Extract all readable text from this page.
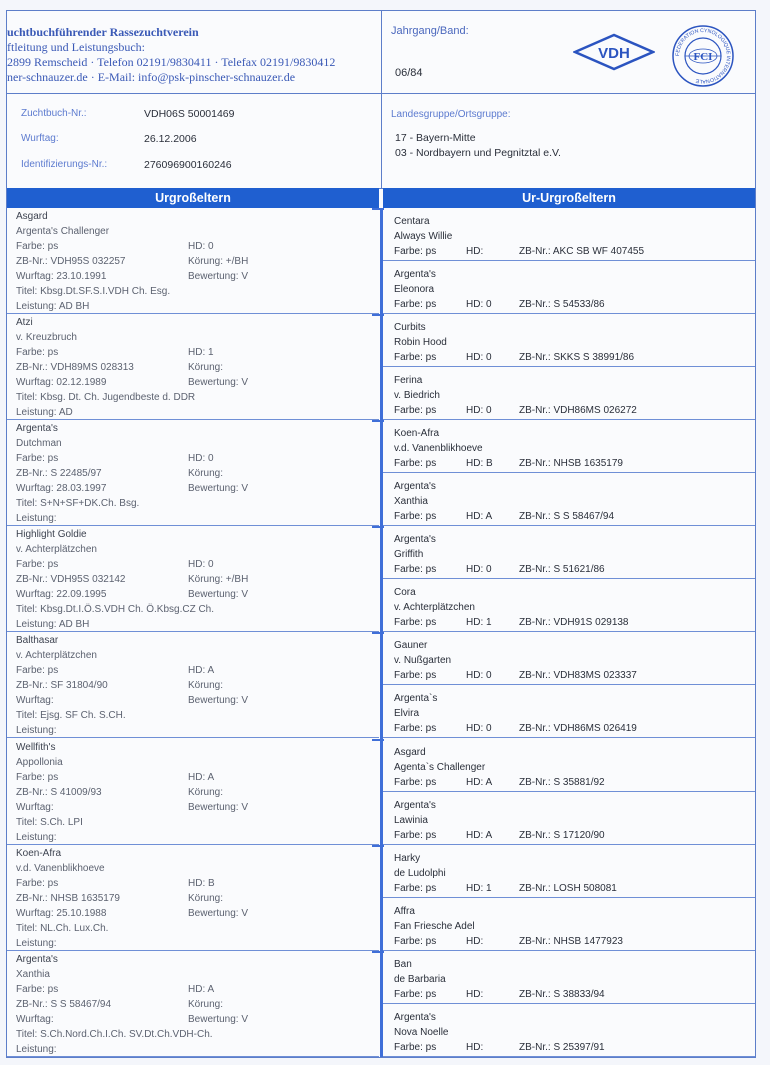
uchtbuchführender Rassezuchtverein
ftleitung und Leistungsbuch:
2899 Remscheid · Telefon 02191/9830411 · Telefax 02191/9830412
ner-schnauzer.de · E-Mail: info@psk-pinscher-schnauzer.de
Jahrgang/Band:
06/84
VDH	FEDERATION CYNOLOGIQUE INTERNATIONALE
FCI
Zuchtbuch-Nr.:	VDH06S 50001469
Wurftag:	26.12.2006
Identifizierungs-Nr.:	276096900160246
Landesgruppe/Ortsgruppe:
17 - Bayern-Mitte
03 - Nordbayern und Pegnitztal e.V.
Urgroßeltern	Ur-Urgroßeltern
Asgard
Argenta's Challenger
Farbe: ps	HD: 0
ZB-Nr.: VDH95S 032257	Körung: +/BH
Wurftag: 23.10.1991	Bewertung: V
Titel: Kbsg.Dt.SF.S.I.VDH Ch. Esg.
Leistung: AD BH
Atzi
v. Kreuzbruch
Farbe: ps	HD: 1
ZB-Nr.: VDH89MS 028313	Körung:
Wurftag: 02.12.1989	Bewertung: V
Titel: Kbsg. Dt. Ch. Jugendbeste d. DDR
Leistung: AD
Argenta's
Dutchman
Farbe: ps	HD: 0
ZB-Nr.: S 22485/97	Körung:
Wurftag: 28.03.1997	Bewertung: V
Titel: S+N+SF+DK.Ch. Bsg.
Leistung:
Highlight Goldie
v. Achterplätzchen
Farbe: ps	HD: 0
ZB-Nr.: VDH95S 032142	Körung: +/BH
Wurftag: 22.09.1995	Bewertung: V
Titel: Kbsg.Dt.I.Ö.S.VDH Ch. Ö.Kbsg.CZ Ch.
Leistung: AD BH
Balthasar
v. Achterplätzchen
Farbe: ps	HD: A
ZB-Nr.: SF 31804/90	Körung:
Wurftag:	Bewertung: V
Titel: Ejsg. SF Ch. S.CH.
Leistung:
Wellfith's
Appollonia
Farbe: ps	HD: A
ZB-Nr.: S 41009/93	Körung:
Wurftag:	Bewertung: V
Titel: S.Ch. LPI
Leistung:
Koen-Afra
v.d. Vanenblikhoeve
Farbe: ps	HD: B
ZB-Nr.: NHSB 1635179	Körung:
Wurftag: 25.10.1988	Bewertung: V
Titel: NL.Ch. Lux.Ch.
Leistung:
Argenta's
Xanthia
Farbe: ps	HD: A
ZB-Nr.: S S 58467/94	Körung:
Wurftag:	Bewertung: V
Titel: S.Ch.Nord.Ch.I.Ch. SV.Dt.Ch.VDH-Ch.
Leistung:
Centara
Always Willie
Farbe: ps	HD:	ZB-Nr.: AKC SB WF 407455
Argenta's
Eleonora
Farbe: ps	HD: 0	ZB-Nr.: S 54533/86
Curbits
Robin Hood
Farbe: ps	HD: 0	ZB-Nr.: SKKS S 38991/86
Ferina
v. Biedrich
Farbe: ps	HD: 0	ZB-Nr.: VDH86MS 026272
Koen-Afra
v.d. Vanenblikhoeve
Farbe: ps	HD: B	ZB-Nr.: NHSB 1635179
Argenta's
Xanthia
Farbe: ps	HD: A	ZB-Nr.: S S 58467/94
Argenta's
Griffith
Farbe: ps	HD: 0	ZB-Nr.: S 51621/86
Cora
v. Achterplätzchen
Farbe: ps	HD: 1	ZB-Nr.: VDH91S 029138
Gauner
v. Nußgarten
Farbe: ps	HD: 0	ZB-Nr.: VDH83MS 023337
Argenta`s
Elvira
Farbe: ps	HD: 0	ZB-Nr.: VDH86MS 026419
Asgard
Agenta`s Challenger
Farbe: ps	HD: A	ZB-Nr.: S 35881/92
Argenta's
Lawinia
Farbe: ps	HD: A	ZB-Nr.: S 17120/90
Harky
de Ludolphi
Farbe: ps	HD: 1	ZB-Nr.: LOSH 508081
Affra
Fan Friesche Adel
Farbe: ps	HD:	ZB-Nr.: NHSB 1477923
Ban
de Barbaria
Farbe: ps	HD:	ZB-Nr.: S 38833/94
Argenta's
Nova Noelle
Farbe: ps	HD:	ZB-Nr.: S 25397/91
